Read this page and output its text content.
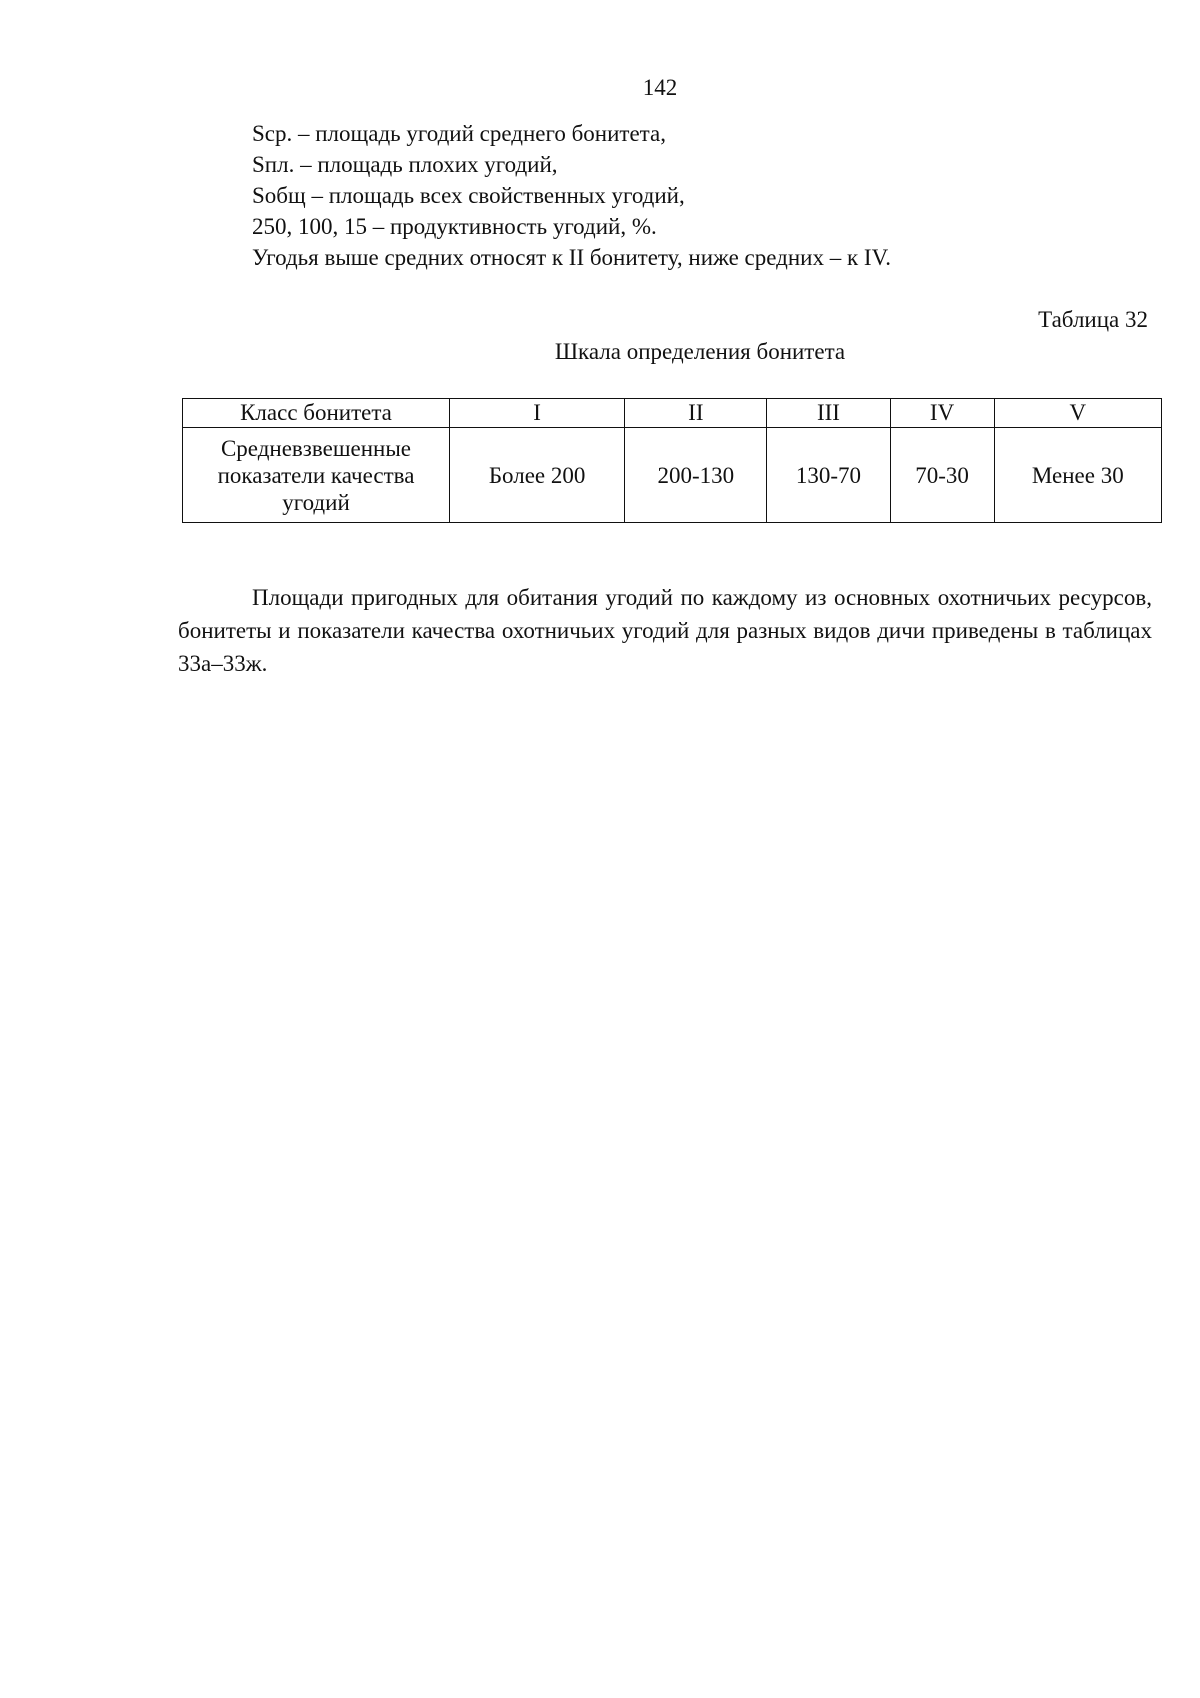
142
Sср. – площадь угодий среднего бонитета,
Sпл. – площадь плохих угодий,
Sобщ – площадь всех свойственных угодий,
250, 100, 15 – продуктивность угодий, %.
Угодья выше средних относят к II бонитету, ниже средних – к IV.
Таблица 32
Шкала определения бонитета
Класс бонитета	I	II	III	IV	V

Средневзвешенные
показатели качества
угодий	Более 200	200-130	130-70	70-30	Менее 30

Площади пригодных для обитания угодий по каждому из основных охотничьих ресурсов, бонитеты и показатели качества охотничьих угодий для разных видов дичи приведены в таблицах 33а–33ж.
